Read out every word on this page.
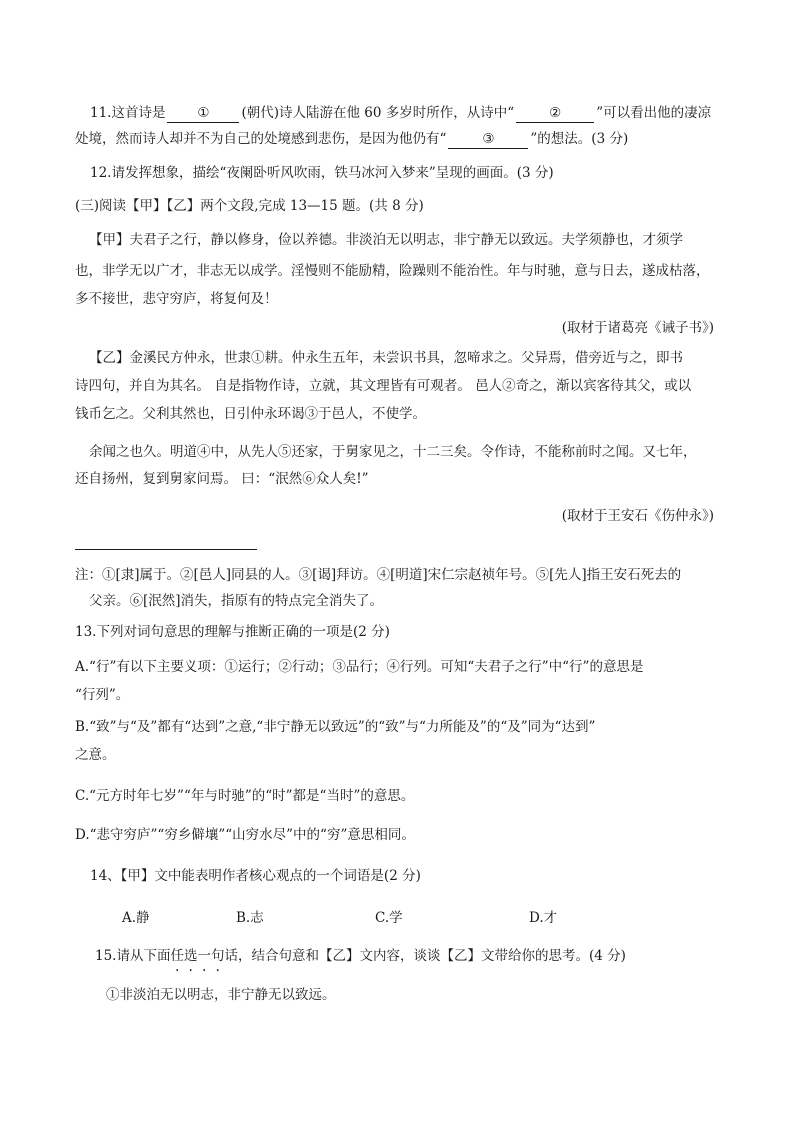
11.这首诗是 ① (朝代)诗人陆游在他 60 多岁时所作，从诗中“	②	”可以看出他的凄凉
处境，然而诗人却并不为自己的处境感到悲伤，是因为他仍有“	③	”的想法。(3 分)
12.请发挥想象，描绘“夜阑卧听风吹雨，铁马冰河入梦来”呈现的画面。(3 分)
(三)阅读【甲】【乙】两个文段,完成 13—15 题。(共 8 分)
【甲】夫君子之行，静以修身，俭以养德。非淡泊无以明志，非宁静无以致远。夫学须静也，才须学
也，非学无以广才，非志无以成学。淫慢则不能励精，险躁则不能治性。年与时驰，意与日去，遂成枯落，
多不接世，悲守穷庐，将复何及！
(取材于诸葛亮《诫子书》)
【乙】金溪民方仲永，世隶①耕。仲永生五年，未尝识书具，忽啼求之。父异焉，借旁近与之，即书
诗四句，并自为其名。 自是指物作诗，立就，其文理皆有可观者。 邑人②奇之，渐以宾客待其父，或以
钱币乞之。父利其然也，日引仲永环谒③于邑人，不使学。
余闻之也久。明道④中，从先人⑤还家，于舅家见之，十二三矣。令作诗，不能称前时之闻。又七年，
还自扬州，复到舅家问焉。 曰：“泯然⑥众人矣!”
(取材于王安石《伤仲永》)
注：①[隶]属于。②[邑人]同县的人。③[谒]拜访。④[明道]宋仁宗赵祯年号。⑤[先人]指王安石死去的
父亲。⑥[泯然]消失，指原有的特点完全消失了。
13.下列对词句意思的理解与推断正确的一项是(2 分)
A.“行”有以下主要义项：①运行；②行动；③品行；④行列。可知“夫君子之行”中“行”的意思是
“行列”。
B.“致”与“及”都有“达到”之意,“非宁静无以致远”的“致”与“力所能及”的“及”同为“达到”
之意。
C.“元方时年七岁”“年与时驰”的“时”都是“当时”的意思。
D.“悲守穷庐”“穷乡僻壤”“山穷水尽”中的“穷”意思相同。
14、【甲】文中能表明作者核心观点的一个词语是(2 分)
A.静	B.志	C.学	D.才
15.请从下面任选一句话，结合句意和【乙】文内容，谈谈【乙】文带给你的思考。(4 分)
①非淡泊无以明志，非宁静无以致远。
